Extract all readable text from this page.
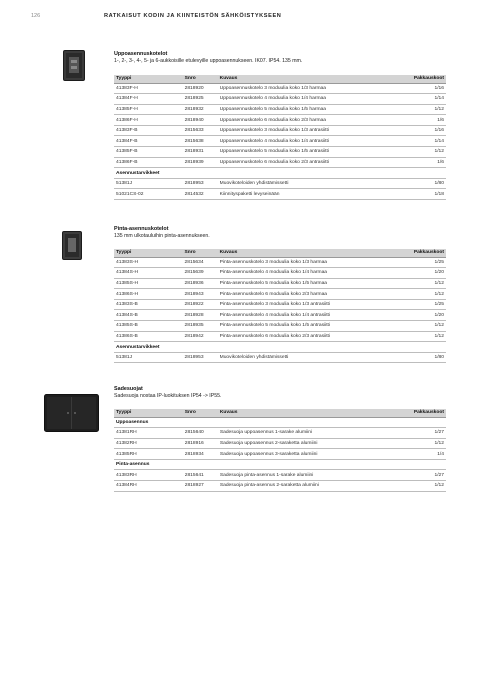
126	RATKAISUT KODIN JA KIINTEISTÖN SÄHKÖISTYKSEEN
Uppoasennuskotelot
1-, 2-, 3-, 4-, 5- ja 6-aukkoisille etulevyille uppoasennukseen. IK07. IP54. 135 mm.
Tyyppi	Snro	Kuvaus	Pakkauskoot
41383F-H	2818920	Uppoasennuskotelo 3 moduulia koko 1/3 harmaa	1/16
41384F-H	2818925	Uppoasennuskotelo 4 moduulia koko 1/4 harmaa	1/14
41385F-H	2818932	Uppoasennuskotelo 5 moduulia koko 1/5 harmaa	1/12
41386F-H	2818940	Uppoasennuskotelo 6 moduulia koko 2/3 harmaa	1/6
41383F-B	2815633	Uppoasennuskotelo 3 moduulia koko 1/3 antrasiitti	1/16
41384F-B	2815638	Uppoasennuskotelo 4 moduulia koko 1/4 antrasiitti	1/14
41385F-B	2818931	Uppoasennuskotelo 5 moduulia koko 1/5 antrasiitti	1/12
41386F-B	2818939	Uppoasennuskotelo 6 moduulia koko 2/3 antrasiitti	1/6
Asennustarvikkeet			
51381J	2818953	Muovikoteloiden yhdistämissetti	1/80
51021CS-02	2814532	Kiinnityspaketti levyseinään	1/18
Pinta-asennuskotelot
135 mm ulkotauluihin pinta-asennukseen.
Tyyppi	Snro	Kuvaus	Pakkauskoot
41383S-H	2815634	Pinta-asennuskotelo 3 moduulia koko 1/3 harmaa	1/25
41384S-H	2815639	Pinta-asennuskotelo 4 moduulia koko 1/4 harmaa	1/20
41385S-H	2818936	Pinta-asennuskotelo 5 moduulia koko 1/5 harmaa	1/12
41386S-H	2818943	Pinta-asennuskotelo 6 moduulia koko 2/3 harmaa	1/12
41383S-B	2818922	Pinta-asennuskotelo 3 moduulia koko 1/3 antrasiitti	1/25
41384S-B	2818928	Pinta-asennuskotelo 4 moduulia koko 1/4 antrasiitti	1/20
41385S-B	2818935	Pinta-asennuskotelo 5 moduulia koko 1/5 antrasiitti	1/12
41386S-B	2818942	Pinta-asennuskotelo 6 moduulia koko 2/3 antrasiitti	1/12
Asennustarvikkeet			
51381J	2818953	Muovikoteloiden yhdistämissetti	1/80
Sadesuojat
Sadesuoja nostaa IP-luokituksen IP54 -> IP55.
Tyyppi	Snro	Kuvaus	Pakkauskoot
Uppoasennus			
41381RH	2815640	Sadesuoja uppoasennus 1-sarake alumiini	1/27
41382RH	2818916	Sadesuoja uppoasennus 2-saraketta alumiini	1/12
41385RH	2818934	Sadesuoja uppoasennus 3-saraketta alumiini	1/4
Pinta-asennus			
41383RH	2815641	Sadesuoja pinta-asennus 1-sarake alumiini	1/27
41384RH	2818927	Sadesuoja pinta-asennus 2-saraketta alumiini	1/12
